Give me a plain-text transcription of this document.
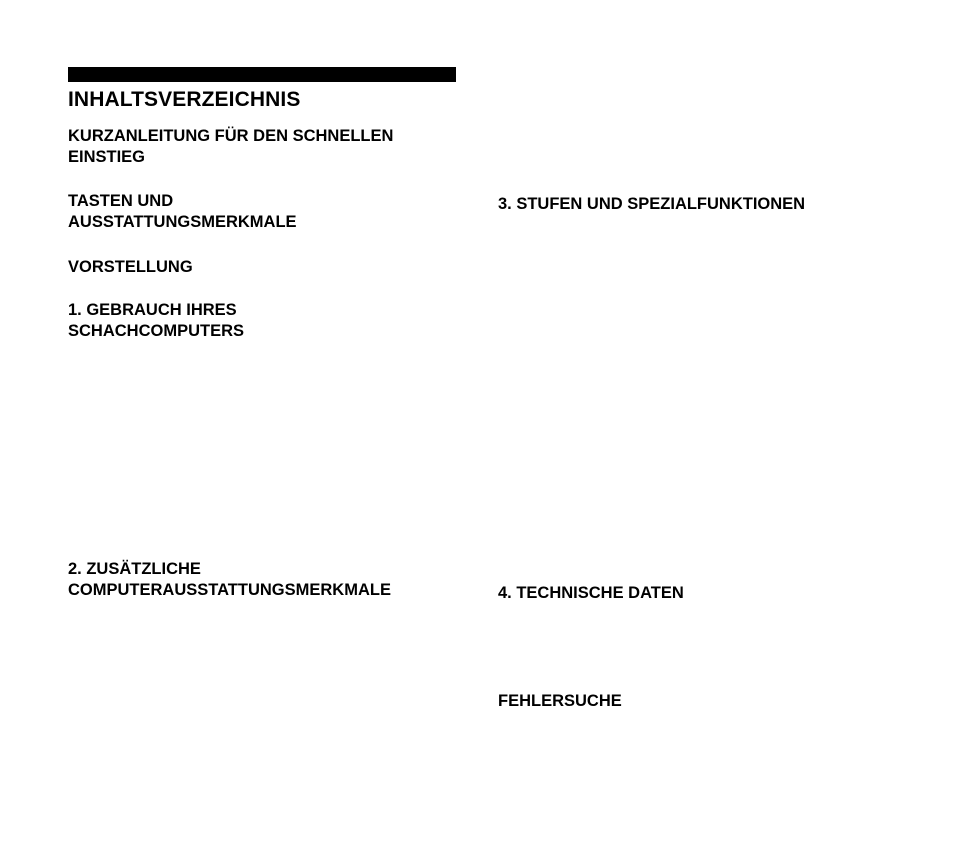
INHALTSVERZEICHNIS
KURZANLEITUNG FÜR DEN SCHNELLEN
EINSTIEG
TASTEN UND
AUSSTATTUNGSMERKMALE
VORSTELLUNG
1. GEBRAUCH IHRES
SCHACHCOMPUTERS
2. ZUSÄTZLICHE
COMPUTERAUSSTATTUNGSMERKMALE
3. STUFEN UND SPEZIALFUNKTIONEN
4. TECHNISCHE DATEN
FEHLERSUCHE
